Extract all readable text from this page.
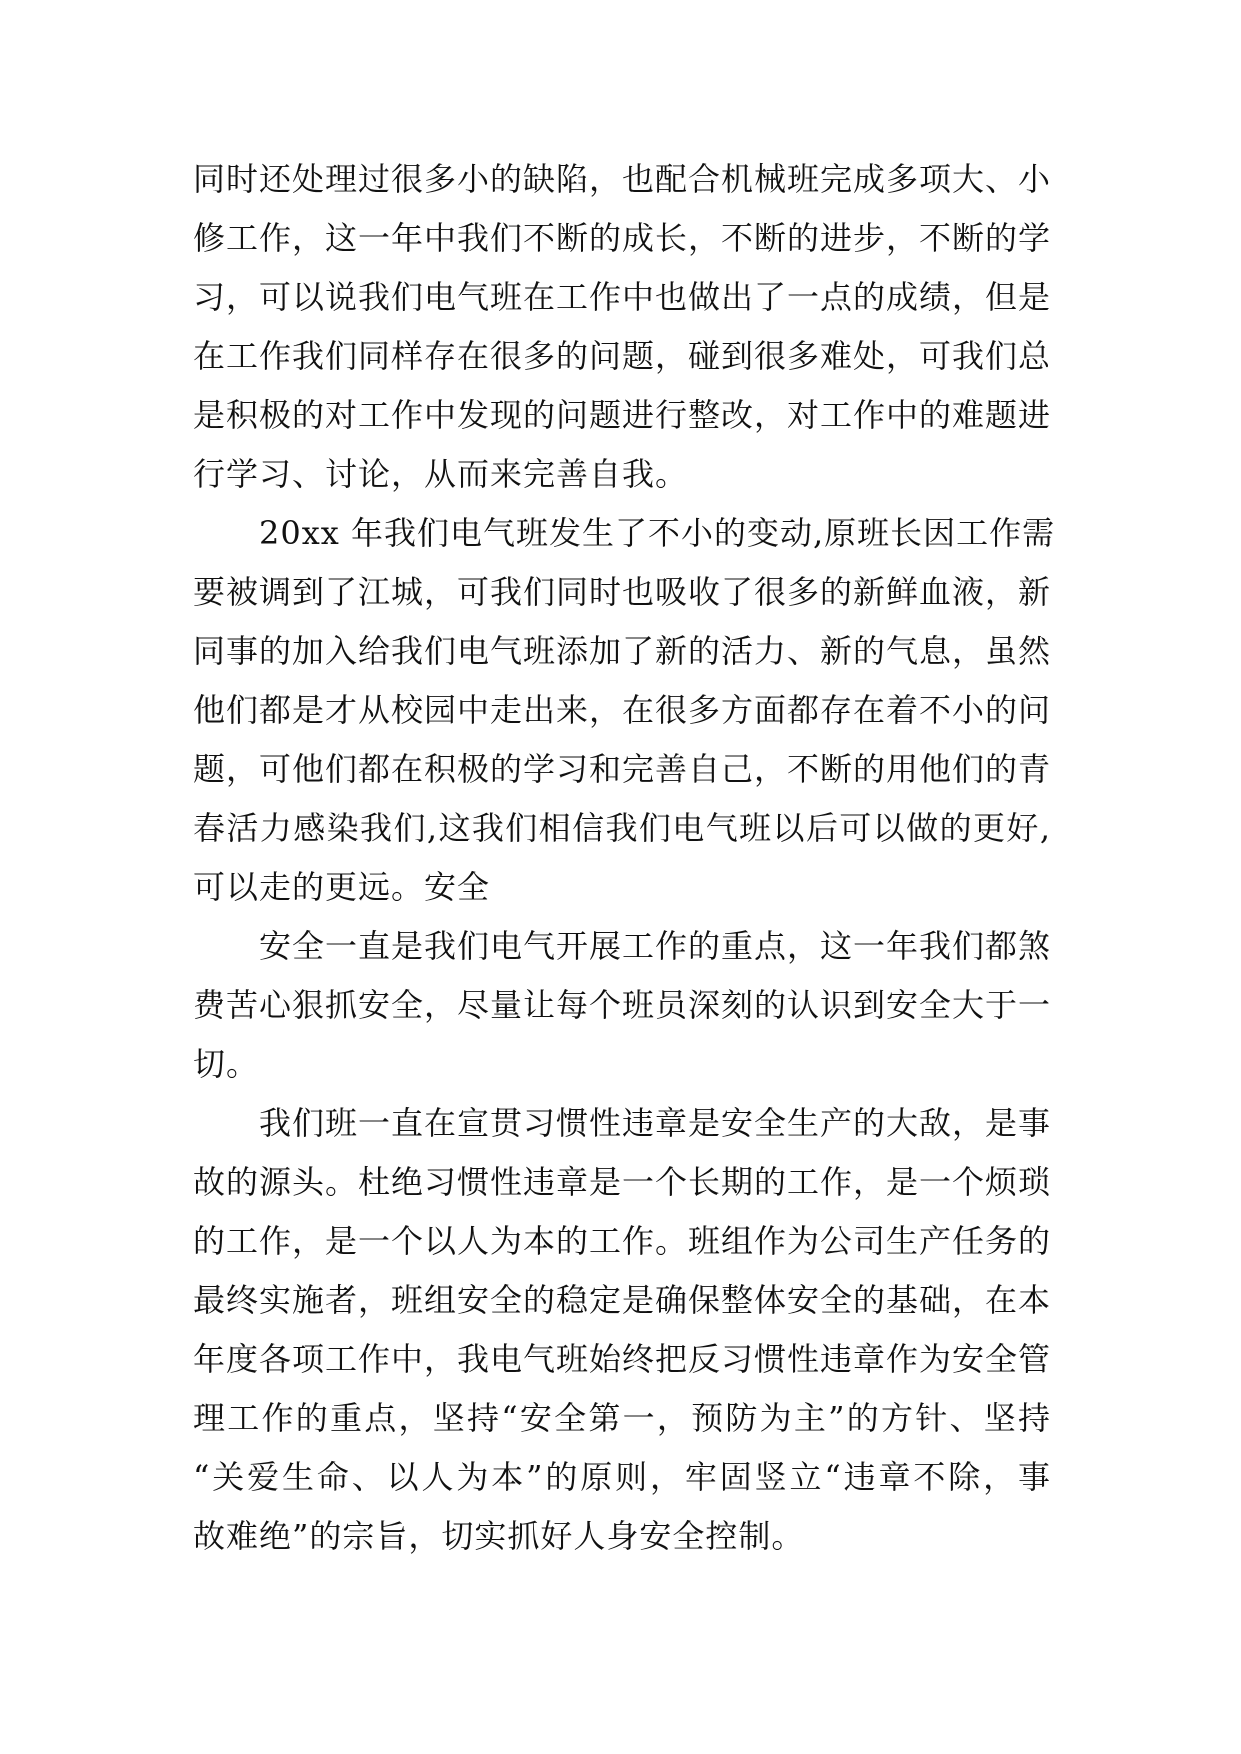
同时还处理过很多小的缺陷，也配合机械班完成多项大、小
修工作，这一年中我们不断的成长，不断的进步，不断的学
习，可以说我们电气班在工作中也做出了一点的成绩，但是
在工作我们同样存在很多的问题，碰到很多难处，可我们总
是积极的对工作中发现的问题进行整改，对工作中的难题进
行学习、讨论，从而来完善自我。
20xx 年我们电气班发生了不小的变动,原班长因工作需
要被调到了江城，可我们同时也吸收了很多的新鲜血液，新
同事的加入给我们电气班添加了新的活力、新的气息，虽然
他们都是才从校园中走出来，在很多方面都存在着不小的问
题，可他们都在积极的学习和完善自己，不断的用他们的青
春活力感染我们,这我们相信我们电气班以后可以做的更好,
可以走的更远。安全
安全一直是我们电气开展工作的重点，这一年我们都煞
费苦心狠抓安全，尽量让每个班员深刻的认识到安全大于一
切。
我们班一直在宣贯习惯性违章是安全生产的大敌，是事
故的源头。杜绝习惯性违章是一个长期的工作，是一个烦琐
的工作，是一个以人为本的工作。班组作为公司生产任务的
最终实施者，班组安全的稳定是确保整体安全的基础，在本
年度各项工作中，我电气班始终把反习惯性违章作为安全管
理工作的重点，坚持“安全第一，预防为主”的方针、坚持
“关爱生命、以人为本”的原则，牢固竖立“违章不除，事
故难绝”的宗旨，切实抓好人身安全控制。
